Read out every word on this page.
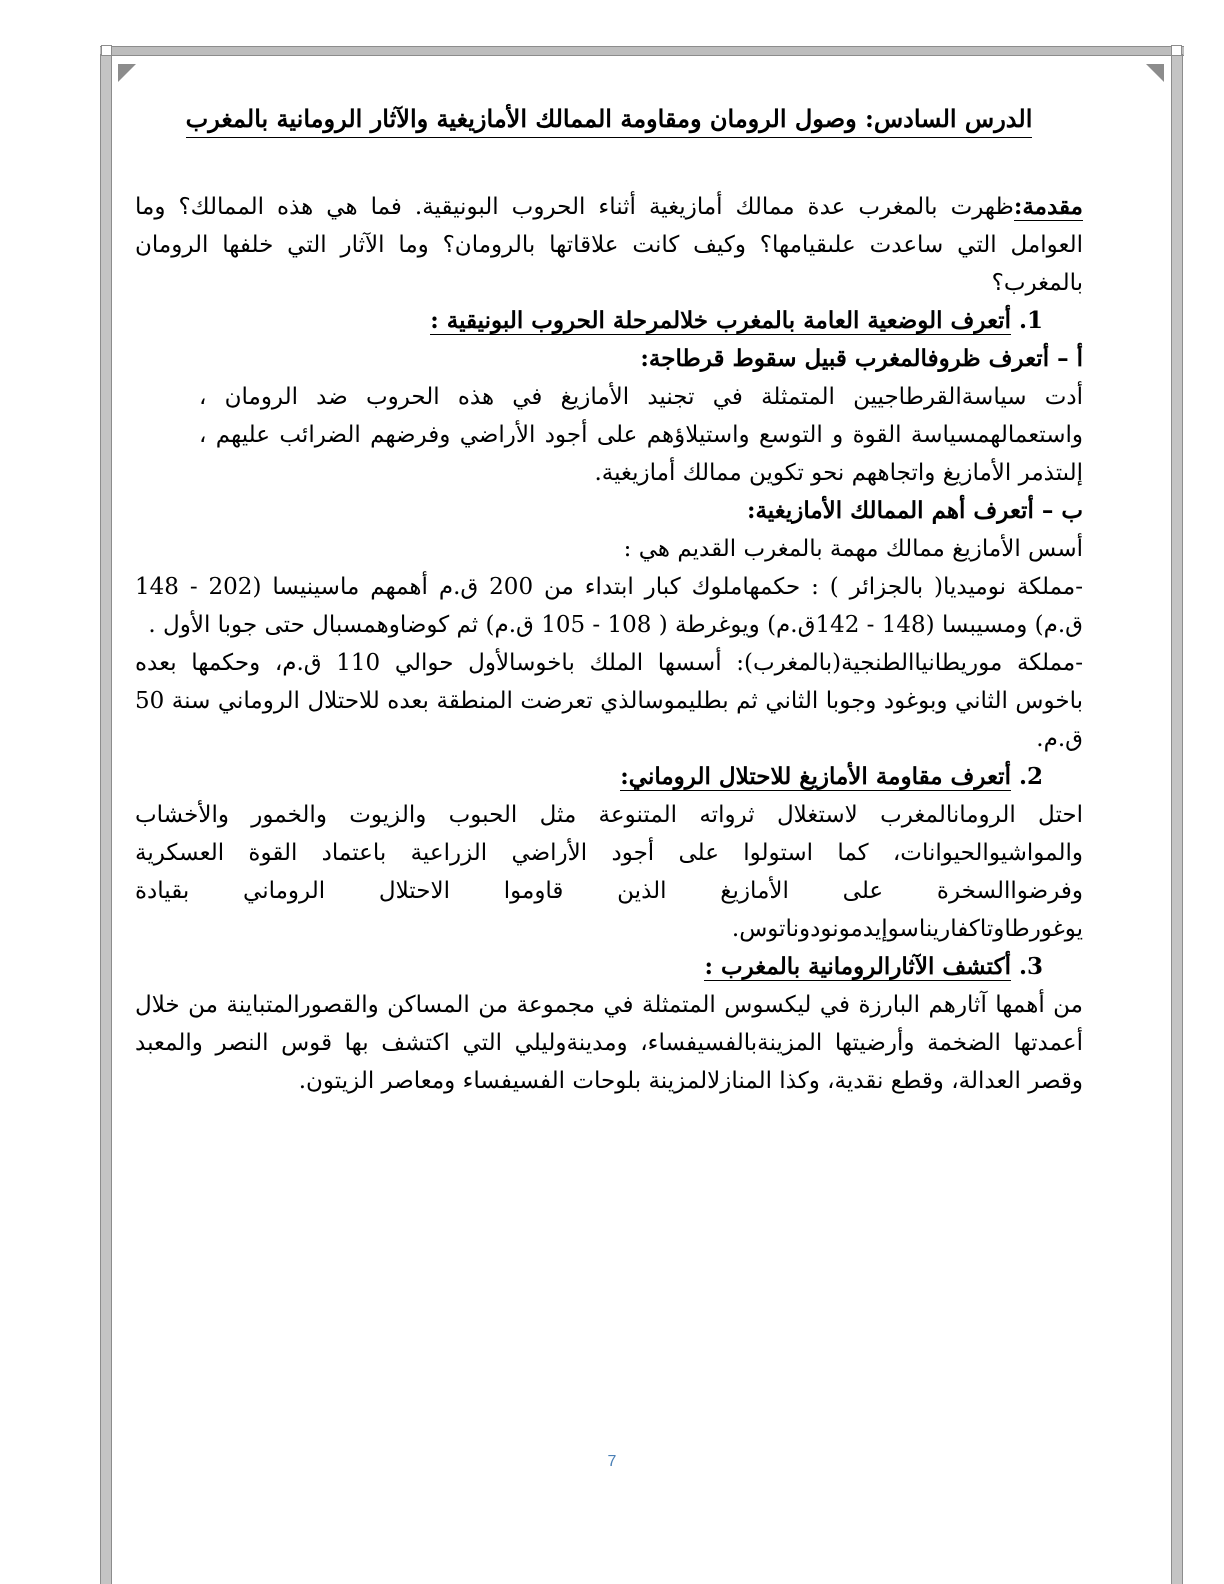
الدرس السادس: وصول الرومان ومقاومة الممالك الأمازيغية والآثار الرومانية بالمغرب

مقدمة:ظهرت بالمغرب عدة ممالك أمازيغية أثناء الحروب البونيقية. فما هي هذه الممالك؟ وما العوامل التي ساعدت علىقيامها؟ وكيف كانت علاقاتها بالرومان؟ وما الآثار التي خلفها الرومان بالمغرب؟

1.أتعرف الوضعية العامة بالمغرب خلالمرحلة الحروب البونيقية :

أ – أتعرف ظروفالمغرب قبيل سقوط قرطاجة:

أدت سياسةالقرطاجيين المتمثلة في تجنيد الأمازيغ في هذه الحروب ضد الرومان ، واستعمالهمسياسة القوة و التوسع واستيلاؤهم على أجود الأراضي وفرضهم الضرائب عليهم ، إلىتذمر الأمازيغ واتجاههم نحو تكوين ممالك أمازيغية.

ب – أتعرف أهم الممالك الأمازيغية:

أسس الأمازيغ ممالك مهمة بالمغرب القديم هي :

-مملكة نوميديا( بالجزائر ) : حكمهاملوك كبار ابتداء من 200 ق.م أهمهم ماسينيسا (202 - 148 ق.م) ومسيبسا (148 - 142ق.م) ويوغرطة ( 108 - 105 ق.م) ثم كوضاوهمسبال حتى جوبا الأول .

-مملكة موريطانياالطنجية(بالمغرب): أسسها الملك باخوسالأول حوالي 110 ق.م، وحكمها بعده باخوس الثاني وبوغود وجوبا الثاني ثم بطليموسالذي تعرضت المنطقة بعده للاحتلال الروماني سنة 50 ق.م.

2.أتعرف مقاومة الأمازيغ للاحتلال الروماني:

احتل الرومانالمغرب لاستغلال ثرواته المتنوعة مثل الحبوب والزيوت والخمور والأخشاب والمواشيوالحيوانات، كما استولوا على أجود الأراضي الزراعية باعتماد القوة العسكرية وفرضواالسخرة على الأمازيغ الذين قاوموا الاحتلال الروماني بقيادة يوغورطاوتاكفاريناسوإيدمونودوناتوس.

3.أكتشف الآثارالرومانية بالمغرب :

من أهمها آثارهم البارزة في ليكسوس المتمثلة في مجموعة من المساكن والقصورالمتباينة من خلال أعمدتها الضخمة وأرضيتها المزينةبالفسيفساء، ومدينةوليلي التي اكتشف بها قوس النصر والمعبد وقصر العدالة، وقطع نقدية، وكذا المنازلالمزينة بلوحات الفسيفساء ومعاصر الزيتون.

7
